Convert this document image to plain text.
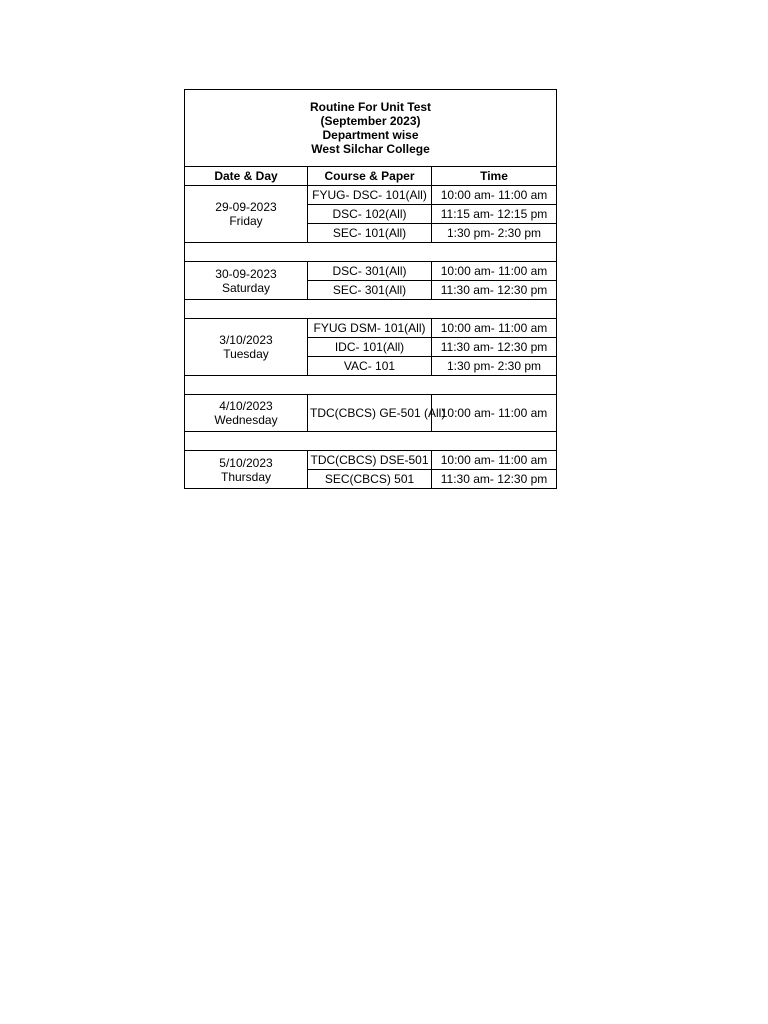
Routine For Unit Test
(September 2023)
Department wise
West Silchar College		

Date & Day	Course & Paper	Time

29-09-2023
Friday	FYUG- DSC- 101(All)	10:00 am- 11:00 am
	DSC- 102(All)	11:15 am- 12:15 pm
	SEC- 101(All)	1:30 pm- 2:30 pm

30-09-2023
Saturday	DSC- 301(All)	10:00 am- 11:00 am
	SEC- 301(All)	11:30 am- 12:30 pm

3/10/2023
Tuesday	FYUG DSM- 101(All)	10:00 am- 11:00 am
	IDC- 101(All)	11:30 am- 12:30 pm
	VAC- 101	1:30 pm- 2:30 pm

4/10/2023
Wednesday	TDC(CBCS) GE-501 (All)	10:00 am- 11:00 am

5/10/2023
Thursday	TDC(CBCS) DSE-501	10:00 am- 11:00 am
	SEC(CBCS) 501	11:30 am- 12:30 pm
